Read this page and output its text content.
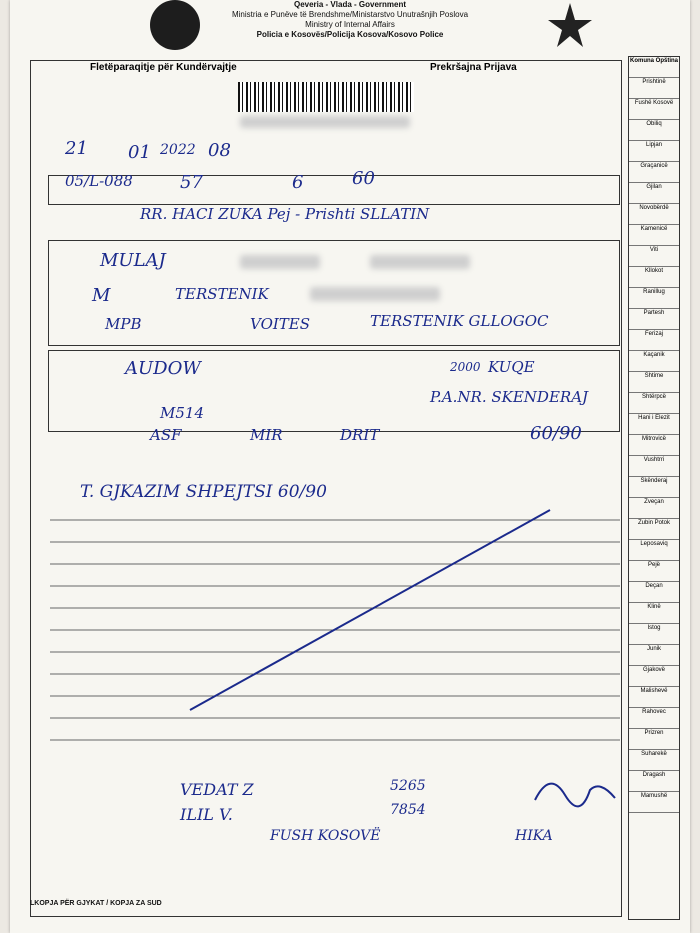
Qeveria - Vlada - Government
Ministria e Punëve të Brendshme/Ministarstvo Unutrašnjih Poslova
Ministry of Internal Affairs
Policia e Kosovës/Policija Kosova/Kosovo Police
Fletëparaqitje për Kundërvajtje	Prekršajna Prijava
21 01 2022 08
05/L-088	57	6	60
RR. HACI ZUKA Pej - Prishti SLLATIN
MULAJ
M	TERSTENIK
MPB	VOITES	TERSTENIK GLLOGOC
AUDOW	KUQE
2000
P.A.NR. SKENDERAJ
M514
ASF	MIR	DRIT	60/90
T. GJKAZIM SHPEJTSI 60/90
VEDAT Z
ILIL V.
5265
7854
FUSH KOSOVË	HIKA
LKOPJA PËR GJYKAT / KOPJA ZA SUD
Komuna Opština
Prishtinë
Fushë Kosovë
Obiliq
Lipjan
Graçanicë
Gjilan
Novobërdë
Kamenicë
Viti
Kllokot
Ranillug
Partesh
Ferizaj
Kaçanik
Shtime
Shtërpcë
Hani i Elezit
Mitrovicë
Vushtrri
Skënderaj
Zveçan
Zubin Potok
Leposaviq
Pejë
Deçan
Klinë
Istog
Junik
Gjakovë
Malishevë
Rahovec
Prizren
Suharekë
Dragash
Mamushë
